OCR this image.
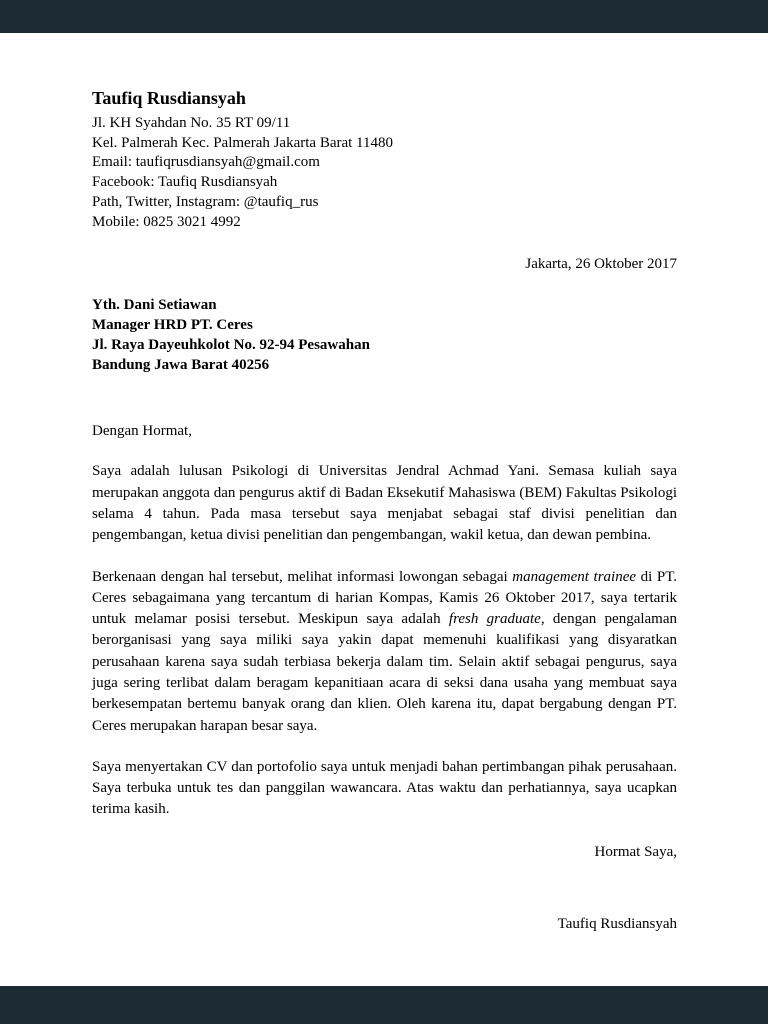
Taufiq Rusdiansyah

Jl. KH Syahdan No. 35 RT 09/11
Kel. Palmerah Kec. Palmerah Jakarta Barat 11480
Email: taufiqrusdiansyah@gmail.com
Facebook: Taufiq Rusdiansyah
Path, Twitter, Instagram: @taufiq_rus
Mobile: 0825 3021 4992
Jakarta, 26 Oktober 2017
Yth. Dani Setiawan
Manager HRD PT. Ceres
Jl. Raya Dayeuhkolot No. 92-94 Pesawahan
Bandung Jawa Barat 40256
Dengan Hormat,

Saya adalah lulusan Psikologi di Universitas Jendral Achmad Yani. Semasa kuliah saya merupakan anggota dan pengurus aktif di Badan Eksekutif Mahasiswa (BEM) Fakultas Psikologi selama 4 tahun. Pada masa tersebut saya menjabat sebagai staf divisi penelitian dan pengembangan, ketua divisi penelitian dan pengembangan, wakil ketua, dan dewan pembina.

Berkenaan dengan hal tersebut, melihat informasi lowongan sebagai management trainee di PT. Ceres sebagaimana yang tercantum di harian Kompas, Kamis 26 Oktober 2017, saya tertarik untuk melamar posisi tersebut. Meskipun saya adalah fresh graduate, dengan pengalaman berorganisasi yang saya miliki saya yakin dapat memenuhi kualifikasi yang disyaratkan perusahaan karena saya sudah terbiasa bekerja dalam tim. Selain aktif sebagai pengurus, saya juga sering terlibat dalam beragam kepanitiaan acara di seksi dana usaha yang membuat saya berkesempatan bertemu banyak orang dan klien. Oleh karena itu, dapat bergabung dengan PT. Ceres merupakan harapan besar saya.

Saya menyertakan CV dan portofolio saya untuk menjadi bahan pertimbangan pihak perusahaan. Saya terbuka untuk tes dan panggilan wawancara. Atas waktu dan perhatiannya, saya ucapkan terima kasih.

Hormat Saya,
Taufiq Rusdiansyah
